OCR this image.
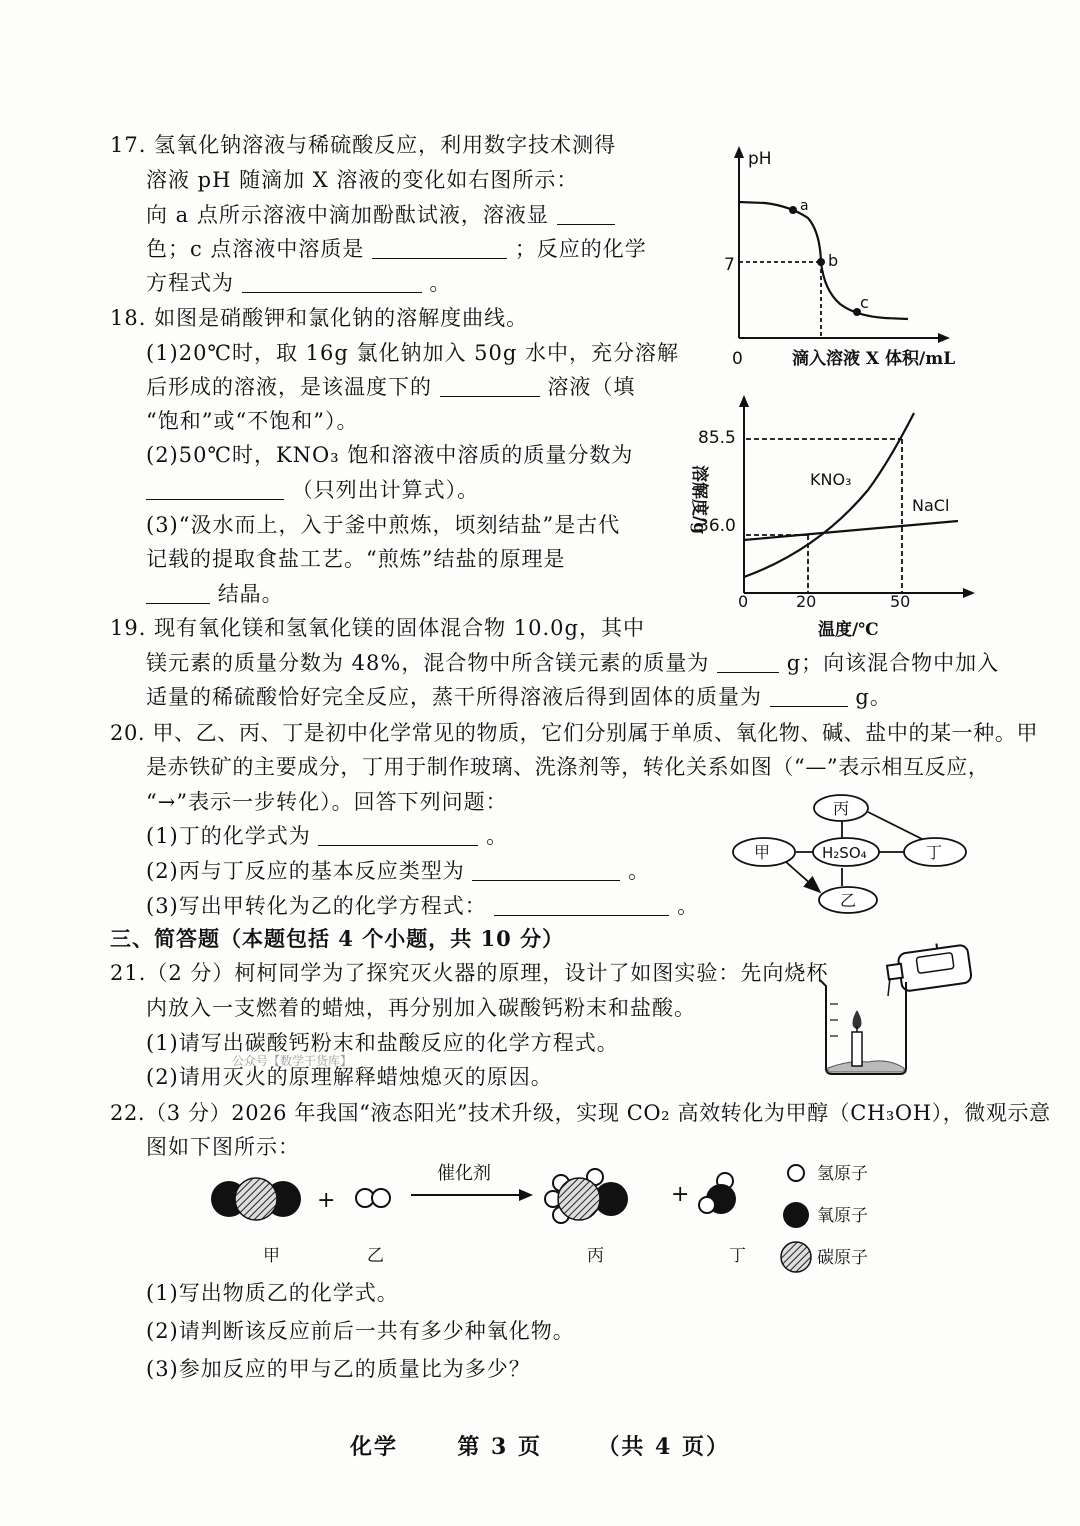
17. 氢氧化钠溶液与稀硫酸反应，利用数字技术测得
溶液 pH 随滴加 X 溶液的变化如右图所示：
向 a 点所示溶液中滴加酚酞试液，溶液显
色；c 点溶液中溶质是	；反应的化学
方程式为	。
pH
7
0	滴入溶液 X 体积/mL
a
b
c
18. 如图是硝酸钾和氯化钠的溶解度曲线。
(1)20℃时，取 16g 氯化钠加入 50g 水中，充分溶解
后形成的溶液，是该温度下的	溶液（填
“饱和”或“不饱和”）。
(2)50℃时，KNO₃ 饱和溶液中溶质的质量分数为
（只列出计算式）。
(3)“汲水而上，入于釜中煎炼，顷刻结盐”是古代
记载的提取食盐工艺。“煎炼”结盐的原理是
结晶。
溶解度/g
85.5
36.0
KNO₃
NaCl
0	20	50
温度/℃
19. 现有氧化镁和氢氧化镁的固体混合物 10.0g，其中
镁元素的质量分数为 48%，混合物中所含镁元素的质量为	g；向该混合物中加入
适量的稀硫酸恰好完全反应，蒸干所得溶液后得到固体的质量为	g。
20. 甲、乙、丙、丁是初中化学常见的物质，它们分别属于单质、氧化物、碱、盐中的某一种。甲
是赤铁矿的主要成分，丁用于制作玻璃、洗涤剂等，转化关系如图（“—”表示相互反应，
“→”表示一步转化）。回答下列问题：
(1)丁的化学式为	。
(2)丙与丁反应的基本反应类型为	。
(3)写出甲转化为乙的化学方程式：	。
丙
甲	H₂SO₄	丁
乙
三、简答题（本题包括 4 个小题，共 10 分）
21.（2 分）柯柯同学为了探究灭火器的原理，设计了如图实验：先向烧杯
内放入一支燃着的蜡烛，再分别加入碳酸钙粉末和盐酸。
(1)请写出碳酸钙粉末和盐酸反应的化学方程式。
公众号【数学干货库】
(2)请用灭火的原理解释蜡烛熄灭的原因。
22.（3 分）2026 年我国“液态阳光”技术升级，实现 CO₂ 高效转化为甲醇（CH₃OH），微观示意
图如下图所示：
+
催化剂
+
氢原子
氧原子
碳原子
甲	乙	丙	丁
(1)写出物质乙的化学式。
(2)请判断该反应前后一共有多少种氧化物。
(3)参加反应的甲与乙的质量比为多少？
化学	第 3 页	（共 4 页）
